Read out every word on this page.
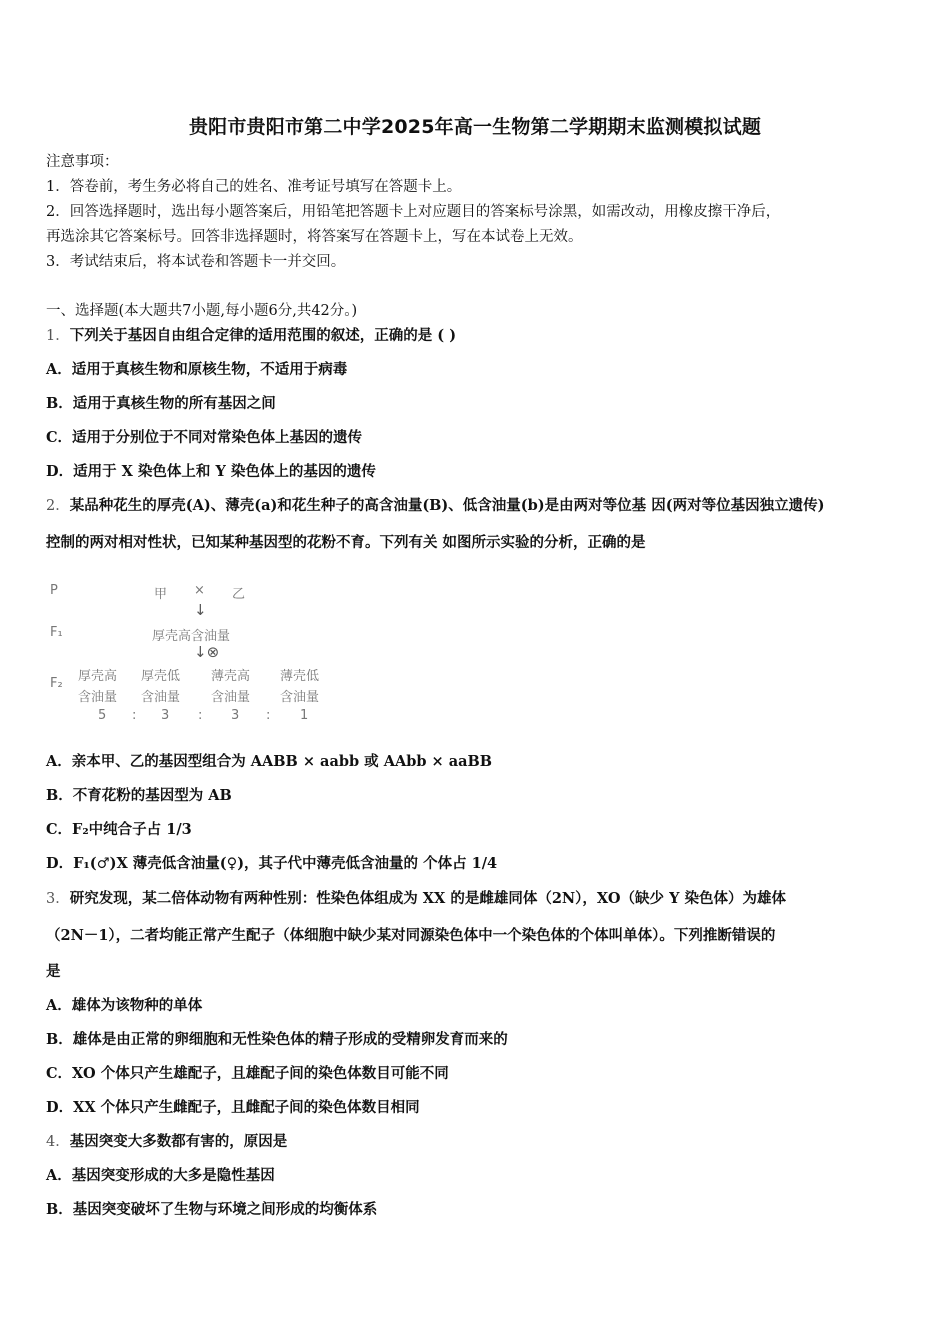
贵阳市贵阳市第二中学2025年高一生物第二学期期末监测模拟试题
注意事项：
1．答卷前，考生务必将自己的姓名、准考证号填写在答题卡上。
2．回答选择题时，选出每小题答案后，用铅笔把答题卡上对应题目的答案标号涂黑，如需改动，用橡皮擦干净后，
再选涂其它答案标号。回答非选择题时，将答案写在答题卡上，写在本试卷上无效。
3．考试结束后，将本试卷和答题卡一并交回。
一、选择题(本大题共7小题,每小题6分,共42分。)
1．下列关于基因自由组合定律的适用范围的叙述，正确的是 ( )
A．适用于真核生物和原核生物，不适用于病毒
B．适用于真核生物的所有基因之间
C．适用于分别位于不同对常染色体上基因的遗传
D．适用于 X 染色体上和 Y 染色体上的基因的遗传
2．某品种花生的厚壳(A)、薄壳(a)和花生种子的高含油量(B)、低含油量(b)是由两对等位基 因(两对等位基因独立遗传)
控制的两对相对性状，已知某种基因型的花粉不育。下列有关 如图所示实验的分析，正确的是
P	甲 × 乙
↓
F₁	厚壳高含油量
↓⊗
F₂ 厚壳高
含油量
厚壳低
含油量
薄壳高
含油量
薄壳低
含油量
5 : 3 : 3 : 1
A．亲本甲、乙的基因型组合为 AABB × aabb 或 AAbb × aaBB
B．不育花粉的基因型为 AB
C．F₂中纯合子占 1/3
D．F₁(♂)X 薄壳低含油量(♀)，其子代中薄壳低含油量的 个体占 1/4
3．研究发现，某二倍体动物有两种性别：性染色体组成为 XX 的是雌雄同体（2N），XO（缺少 Y 染色体）为雄体
（2N－1），二者均能正常产生配子（体细胞中缺少某对同源染色体中一个染色体的个体叫单体）。下列推断错误的
是
A．雄体为该物种的单体
B．雄体是由正常的卵细胞和无性染色体的精子形成的受精卵发育而来的
C．XO 个体只产生雄配子，且雄配子间的染色体数目可能不同
D．XX 个体只产生雌配子，且雌配子间的染色体数目相同
4．基因突变大多数都有害的，原因是
A．基因突变形成的大多是隐性基因
B．基因突变破坏了生物与环境之间形成的均衡体系
